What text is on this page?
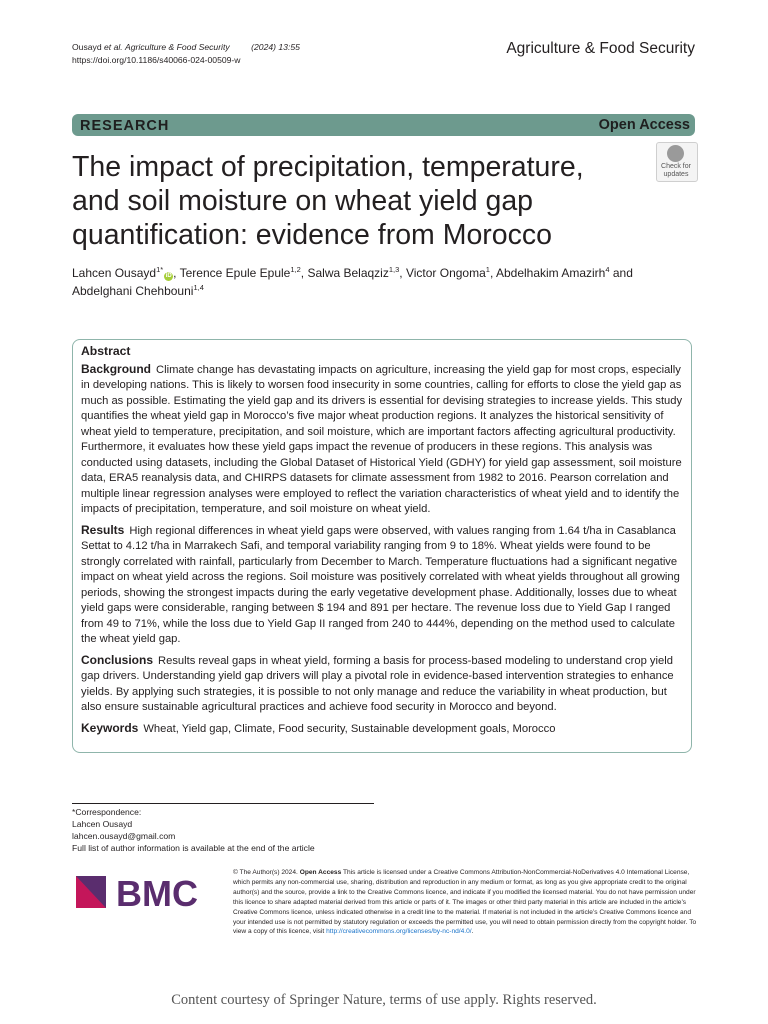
Ousayd et al. Agriculture & Food Security	(2024) 13:55
https://doi.org/10.1186/s40066-024-00509-w
Agriculture & Food Security
RESEARCH	Open Access
The impact of precipitation, temperature, and soil moisture on wheat yield gap quantification: evidence from Morocco
Check for
updates
Lahcen Ousayd$^{1*}$iD , Terence Epule Epule$^{1,2}$, Salwa Belaqziz$^{1,3}$, Victor Ongoma$^1$, Abdelhakim Amazirh$^4$ and Abdelghani Chehbouni$^{1,4}$
Abstract

Background Climate change has devastating impacts on agriculture, increasing the yield gap for most crops, especially in developing nations. This is likely to worsen food insecurity in some countries, calling for efforts to close the yield gap as much as possible. Estimating the yield gap and its drivers is essential for devising strategies to increase yields. This study quantifies the wheat yield gap in Morocco’s five major wheat production regions. It analyzes the historical sensitivity of wheat yield to temperature, precipitation, and soil moisture, which are important factors affecting agricultural productivity. Furthermore, it evaluates how these yield gaps impact the revenue of producers in these regions. This analysis was conducted using datasets, including the Global Dataset of Historical Yield (GDHY) for yield gap assessment, soil moisture data, ERA5 reanalysis data, and CHIRPS datasets for climate assessment from 1982 to 2016. Pearson correlation and multiple linear regression analyses were employed to reflect the variation characteristics of wheat yield and to identify the impacts of precipitation, temperature, and soil moisture on wheat yield.

Results High regional differences in wheat yield gaps were observed, with values ranging from 1.64 t/ha in Casablanca Settat to 4.12 t/ha in Marrakech Safi, and temporal variability ranging from 9 to 18%. Wheat yields were found to be strongly correlated with rainfall, particularly from December to March. Temperature fluctuations had a significant negative impact on wheat yield across the regions. Soil moisture was positively correlated with wheat yields throughout all growing periods, showing the strongest impacts during the early vegetative development phase. Additionally, losses due to wheat yield gaps were considerable, ranging between $ 194 and 891 per hectare. The revenue loss due to Yield Gap I ranged from 49 to 71%, while the loss due to Yield Gap II ranged from 240 to 444%, depending on the method used to calculate the wheat yield gap.

Conclusions Results reveal gaps in wheat yield, forming a basis for process-based modeling to understand crop yield gap drivers. Understanding yield gap drivers will play a pivotal role in evidence-based intervention strategies to enhance yields. By applying such strategies, it is possible to not only manage and reduce the variability in wheat production, but also ensure sustainable agricultural practices and achieve food security in Morocco and beyond.

Keywords Wheat, Yield gap, Climate, Food security, Sustainable development goals, Morocco

*Correspondence:
Lahcen Ousayd
lahcen.ousayd@gmail.com
Full list of author information is available at the end of the article
BMC
© The Author(s) 2024. Open Access This article is licensed under a Creative Commons Attribution-NonCommercial-NoDerivatives 4.0 International License, which permits any non-commercial use, sharing, distribution and reproduction in any medium or format, as long as you give appropriate credit to the original author(s) and the source, provide a link to the Creative Commons licence, and indicate if you modified the licensed material. You do not have permission under this licence to share adapted material derived from this article or parts of it. The images or other third party material in this article are included in the article’s Creative Commons licence, unless indicated otherwise in a credit line to the material. If material is not included in the article’s Creative Commons licence and your intended use is not permitted by statutory regulation or exceeds the permitted use, you will need to obtain permission directly from the copyright holder. To view a copy of this licence, visit http://creativecommons.org/licenses/by-nc-nd/4.0/.
Content courtesy of Springer Nature, terms of use apply. Rights reserved.
